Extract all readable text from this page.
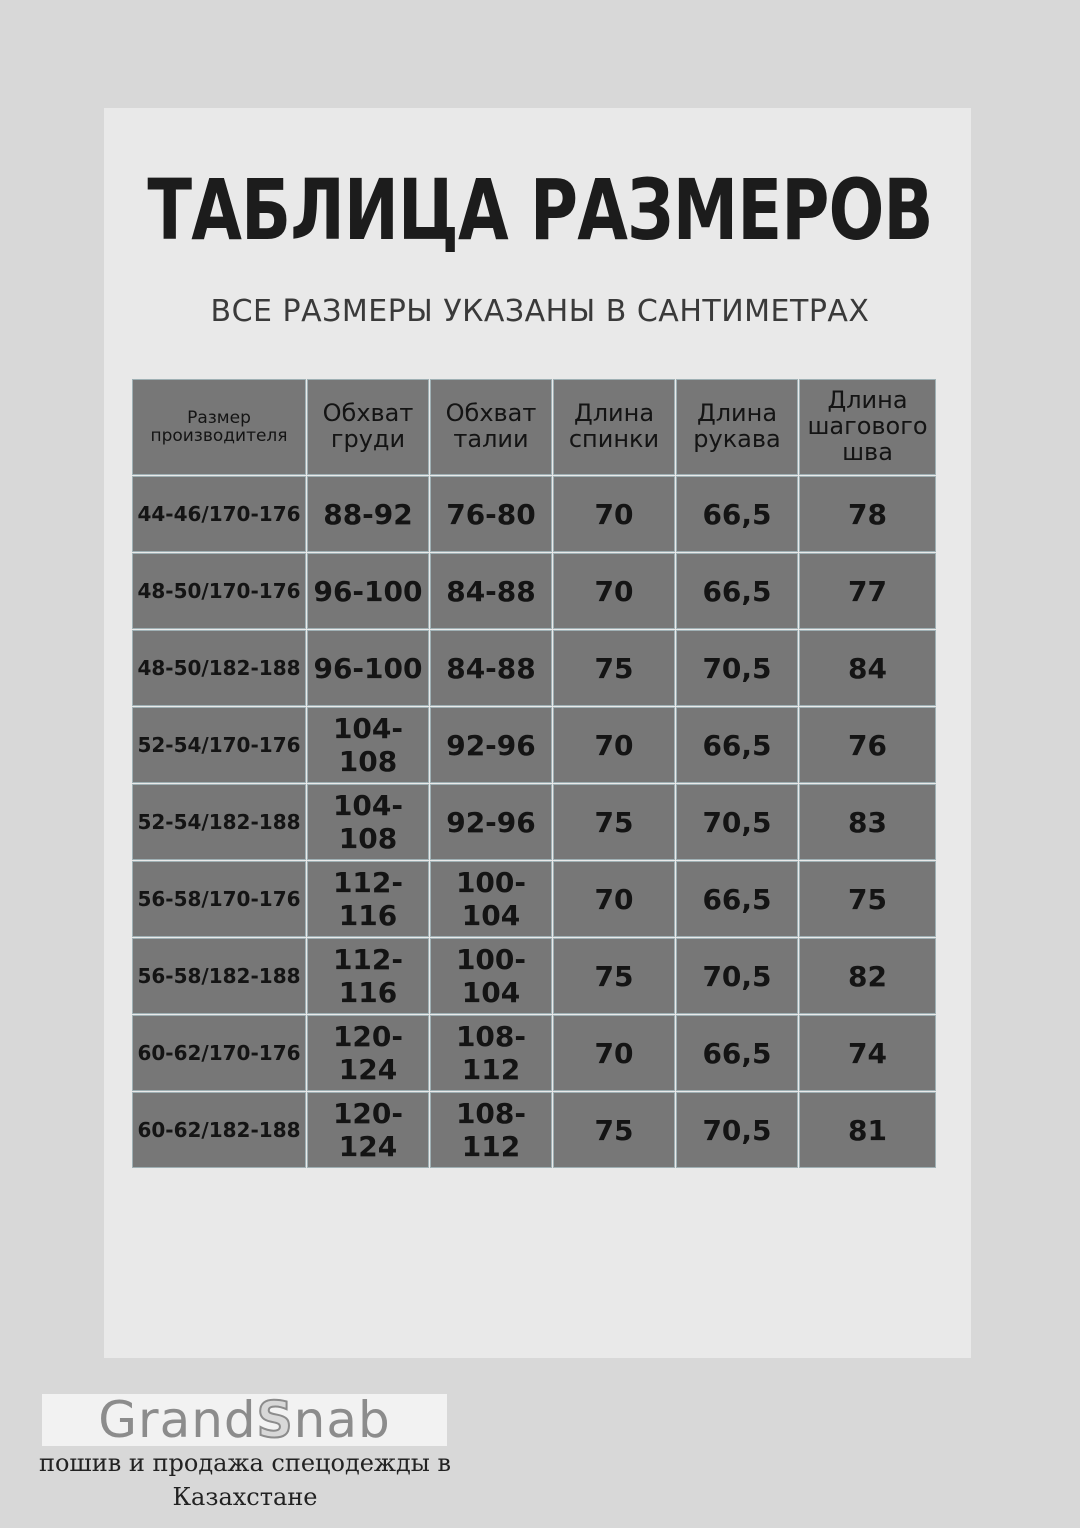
ТАБЛИЦА РАЗМЕРОВ
ВСЕ РАЗМЕРЫ УКАЗАНЫ В САНТИМЕТРАХ
Размер производителя	Обхват груди	Обхват талии	Длина спинки	Длина рукава	Длина шагового шва
44-46/170-176	88-92	76-80	70	66,5	78
48-50/170-176	96-100	84-88	70	66,5	77
48-50/182-188	96-100	84-88	75	70,5	84
52-54/170-176	104-108	92-96	70	66,5	76
52-54/182-188	104-108	92-96	75	70,5	83
56-58/170-176	112-116	100-104	70	66,5	75
56-58/182-188	112-116	100-104	75	70,5	82
60-62/170-176	120-124	108-112	70	66,5	74
60-62/182-188	120-124	108-112	75	70,5	81
Grand S nab
пошив и продажа спецодежды в Казахстане
